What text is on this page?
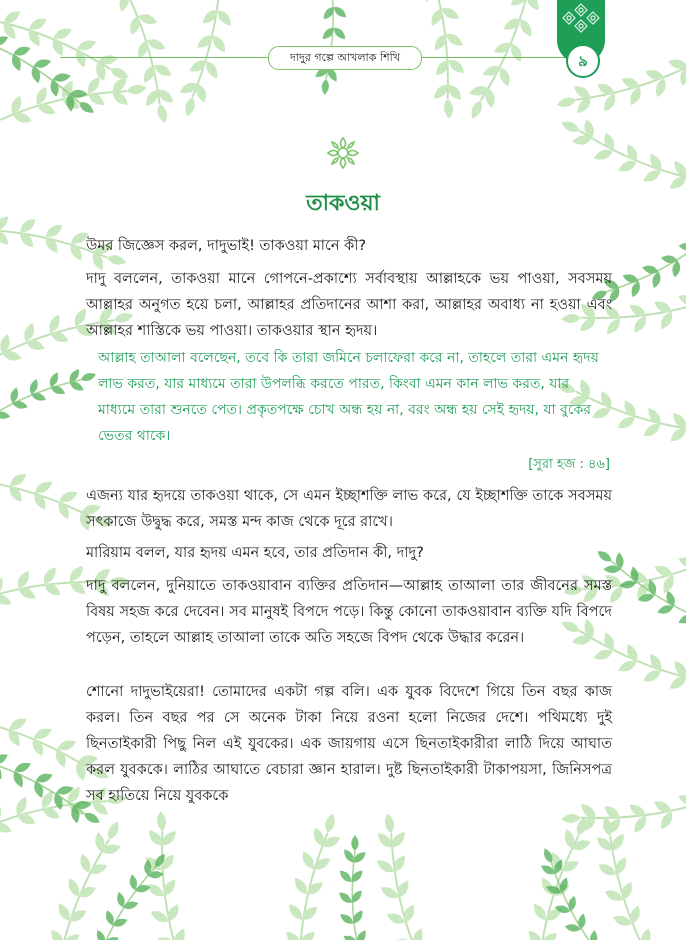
দাদুর গল্পে আখলাক শিখি	৯
তাকওয়া

উমর জিজ্ঞেস করল, দাদুভাই! তাকওয়া মানে কী?

দাদু বললেন, তাকওয়া মানে গোপনে-প্রকাশ্যে সর্বাবস্থায় আল্লাহকে ভয় পাওয়া, সবসময় আল্লাহর অনুগত হয়ে চলা, আল্লাহর প্রতিদানের আশা করা, আল্লাহর অবাধ্য না হওয়া এবং আল্লাহর শাস্তিকে ভয় পাওয়া। তাকওয়ার স্থান হৃদয়।

আল্লাহ তাআলা বলেছেন, তবে কি তারা জমিনে চলাফেরা করে না, তাহলে তারা এমন হৃদয় লাভ করত, যার মাধ্যমে তারা উপলব্ধি করতে পারত, কিংবা এমন কান লাভ করত, যার মাধ্যমে তারা শুনতে পেত। প্রকৃতপক্ষে চোখ অন্ধ হয় না, বরং অন্ধ হয় সেই হৃদয়, যা বুকের ভেতর থাকে।

[সুরা হজ : ৪৬]

এজন্য যার হৃদয়ে তাকওয়া থাকে, সে এমন ইচ্ছাশক্তি লাভ করে, যে ইচ্ছাশক্তি তাকে সবসময় সৎকাজে উদ্বুদ্ধ করে, সমস্ত মন্দ কাজ থেকে দূরে রাখে।

মারিয়াম বলল, যার হৃদয় এমন হবে, তার প্রতিদান কী, দাদু?

দাদু বললেন, দুনিয়াতে তাকওয়াবান ব্যক্তির প্রতিদান—আল্লাহ তাআলা তার জীবনের সমস্ত বিষয় সহজ করে দেবেন। সব মানুষই বিপদে পড়ে। কিন্তু কোনো তাকওয়াবান ব্যক্তি যদি বিপদে পড়েন, তাহলে আল্লাহ তাআলা তাকে অতি সহজে বিপদ থেকে উদ্ধার করেন।

শোনো দাদুভাইয়েরা! তোমাদের একটা গল্প বলি। এক যুবক বিদেশে গিয়ে তিন বছর কাজ করল। তিন বছর পর সে অনেক টাকা নিয়ে রওনা হলো নিজের দেশে। পথিমধ্যে দুই ছিনতাইকারী পিছু নিল এই যুবকের। এক জায়গায় এসে ছিনতাইকারীরা লাঠি দিয়ে আঘাত করল যুবককে। লাঠির আঘাতে বেচারা জ্ঞান হারাল। দুষ্ট ছিনতাইকারী টাকাপয়সা, জিনিসপত্র সব হাতিয়ে নিয়ে যুবককে
